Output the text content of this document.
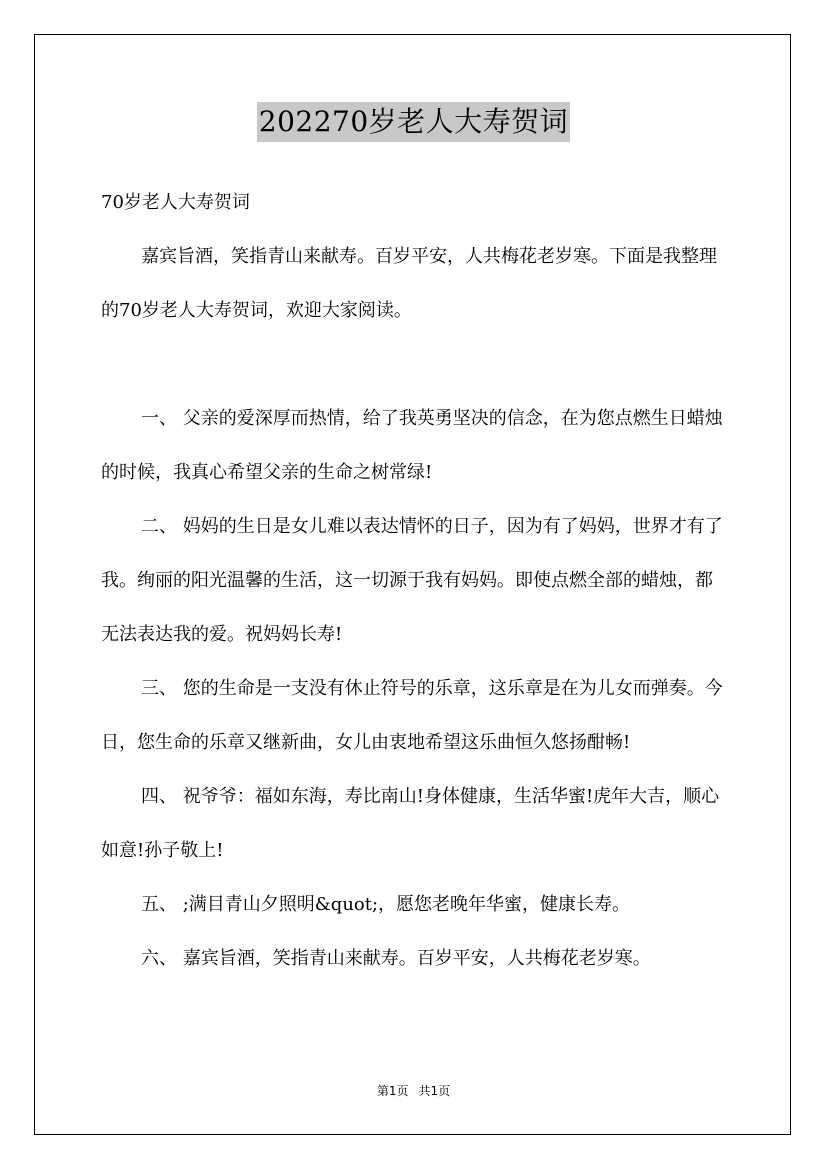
202270岁老人大寿贺词

70岁老人大寿贺词

嘉宾旨酒，笑指青山来献寿。百岁平安，人共梅花老岁寒。下面是我整理的70岁老人大寿贺词，欢迎大家阅读。

一、 父亲的爱深厚而热情，给了我英勇坚决的信念，在为您点燃生日蜡烛的时候，我真心希望父亲的生命之树常绿!

二、 妈妈的生日是女儿难以表达情怀的日子，因为有了妈妈，世界才有了我。绚丽的阳光温馨的生活，这一切源于我有妈妈。即使点燃全部的蜡烛，都无法表达我的爱。祝妈妈长寿!

三、 您的生命是一支没有休止符号的乐章，这乐章是在为儿女而弹奏。今日，您生命的乐章又继新曲，女儿由衷地希望这乐曲恒久悠扬酣畅!

四、 祝爷爷：福如东海，寿比南山!身体健康，生活华蜜!虎年大吉，顺心如意!孙子敬上!

五、 ;满目青山夕照明&quot;，愿您老晚年华蜜，健康长寿。

六、 嘉宾旨酒，笑指青山来献寿。百岁平安，人共梅花老岁寒。

第1页 共1页
